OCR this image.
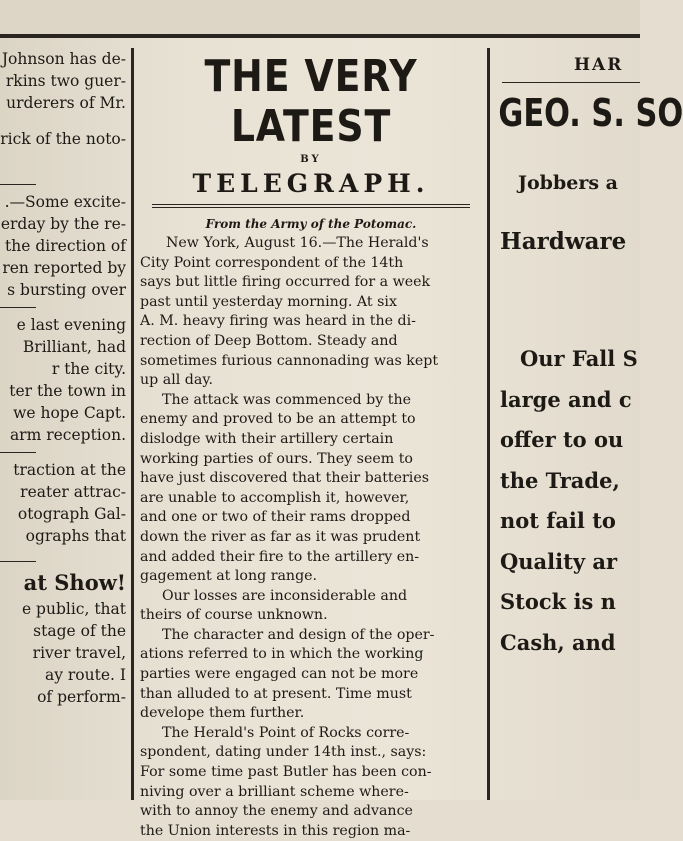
Johnson has de-
rkins two guer-
urderers of Mr.
rick of the noto-
.—Some excite-
erday by the re-
the direction of
ren reported by
s bursting over
e last evening
Brilliant, had
r the city.
ter the town in
we hope Capt.
arm reception.
traction at the
reater attrac-
otograph Gal-
ographs that
at Show!
e public, that
stage of the
river travel,
ay route. I
of perform-
THE VERY LATEST
BY
TELEGRAPH.
From the Army of the Potomac.
New York, August 16.—The Herald's
City Point correspondent of the 14th
says but little firing occurred for a week
past until yesterday morning. At six
A. M. heavy firing was heard in the di-
rection of Deep Bottom. Steady and
sometimes furious cannonading was kept
up all day.
The attack was commenced by the
enemy and proved to be an attempt to
dislodge with their artillery certain
working parties of ours. They seem to
have just discovered that their batteries
are unable to accomplish it, however,
and one or two of their rams dropped
down the river as far as it was prudent
and added their fire to the artillery en-
gagement at long range.
Our losses are inconsiderable and
theirs of course unknown.
The character and design of the oper-
ations referred to in which the working
parties were engaged can not be more
than alluded to at present. Time must
develope them further.
The Herald's Point of Rocks corre-
spondent, dating under 14th inst., says:
For some time past Butler has been con-
niving over a brilliant scheme where-
with to annoy the enemy and advance
the Union interests in this region ma-
HAR
GEO. S. SO
Jobbers a
Hardware
Our Fall S
large and c
offer to ou
the Trade,
not fail to
Quality ar
Stock is n
Cash, and
